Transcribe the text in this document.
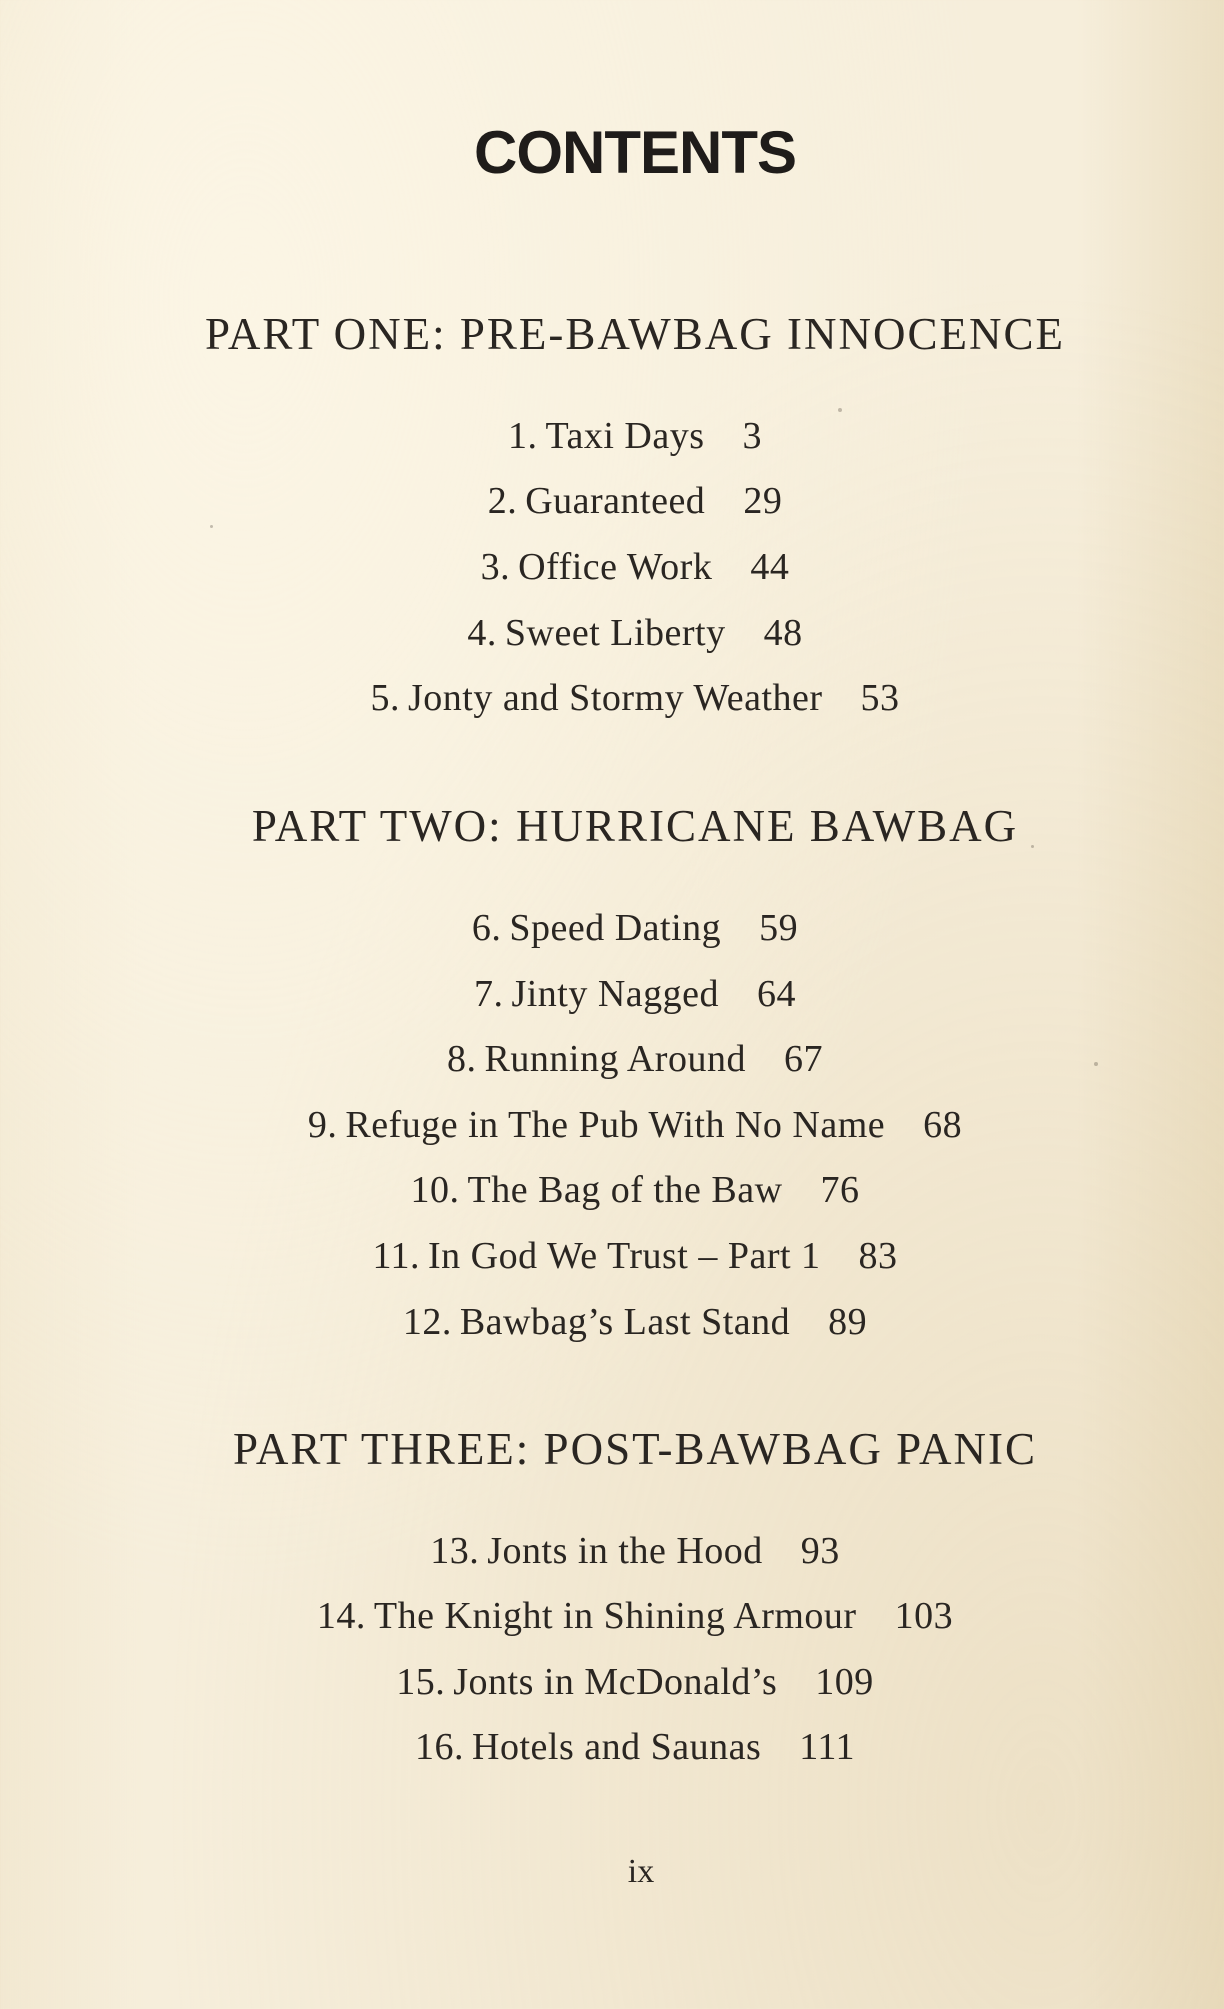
CONTENTS
PART ONE: PRE-BAWBAG INNOCENCE
1. Taxi Days 3
2. Guaranteed 29
3. Office Work 44
4. Sweet Liberty 48
5. Jonty and Stormy Weather 53
PART TWO: HURRICANE BAWBAG
6. Speed Dating 59
7. Jinty Nagged 64
8. Running Around 67
9. Refuge in The Pub With No Name 68
10. The Bag of the Baw 76
11. In God We Trust – Part 1 83
12. Bawbag’s Last Stand 89
PART THREE: POST-BAWBAG PANIC
13. Jonts in the Hood 93
14. The Knight in Shining Armour 103
15. Jonts in McDonald’s 109
16. Hotels and Saunas 111
ix
